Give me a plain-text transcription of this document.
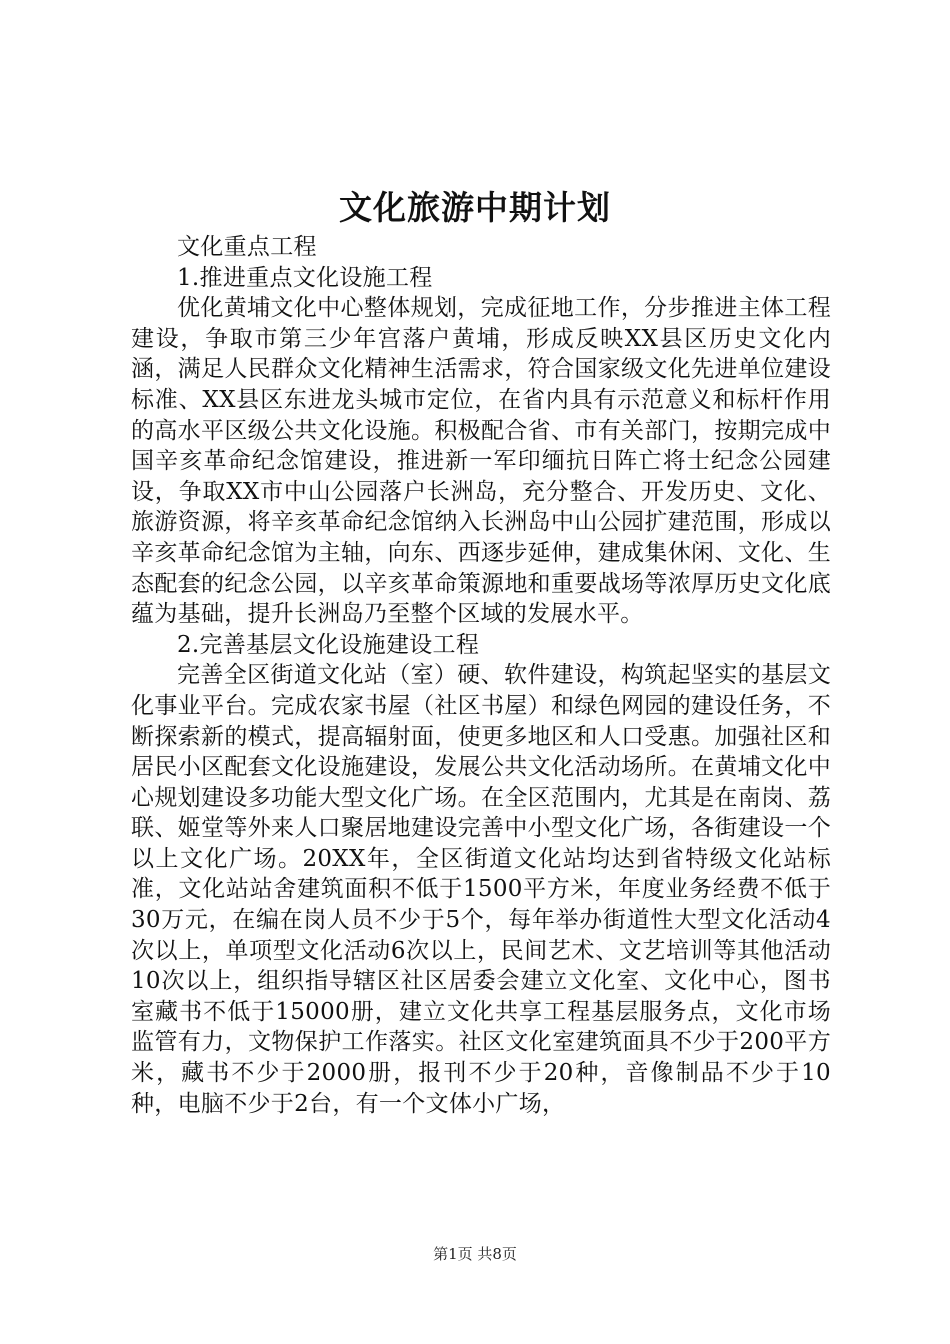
文化旅游中期计划

文化重点工程

1.推进重点文化设施工程

优化黄埔文化中心整体规划，完成征地工作，分步推进主体工程建设，争取市第三少年宫落户黄埔，形成反映XX县区历史文化内涵，满足人民群众文化精神生活需求，符合国家级文化先进单位建设标准、XX县区东进龙头城市定位，在省内具有示范意义和标杆作用的高水平区级公共文化设施。积极配合省、市有关部门，按期完成中国辛亥革命纪念馆建设，推进新一军印缅抗日阵亡将士纪念公园建设，争取XX市中山公园落户长洲岛，充分整合、开发历史、文化、旅游资源，将辛亥革命纪念馆纳入长洲岛中山公园扩建范围，形成以辛亥革命纪念馆为主轴，向东、西逐步延伸，建成集休闲、文化、生态配套的纪念公园，以辛亥革命策源地和重要战场等浓厚历史文化底蕴为基础，提升长洲岛乃至整个区域的发展水平。

2.完善基层文化设施建设工程

完善全区街道文化站（室）硬、软件建设，构筑起坚实的基层文化事业平台。完成农家书屋（社区书屋）和绿色网园的建设任务，不断探索新的模式，提高辐射面，使更多地区和人口受惠。加强社区和居民小区配套文化设施建设，发展公共文化活动场所。在黄埔文化中心规划建设多功能大型文化广场。在全区范围内，尤其是在南岗、荔联、姬堂等外来人口聚居地建设完善中小型文化广场，各街建设一个以上文化广场。20XX年，全区街道文化站均达到省特级文化站标准，文化站站舍建筑面积不低于1500平方米，年度业务经费不低于30万元，在编在岗人员不少于5个，每年举办街道性大型文化活动4次以上，单项型文化活动6次以上，民间艺术、文艺培训等其他活动10次以上，组织指导辖区社区居委会建立文化室、文化中心，图书室藏书不低于15000册，建立文化共享工程基层服务点，文化市场监管有力，文物保护工作落实。社区文化室建筑面具不少于200平方米，藏书不少于2000册，报刊不少于20种，音像制品不少于10种，电脑不少于2台，有一个文体小广场，

第1页 共8页
